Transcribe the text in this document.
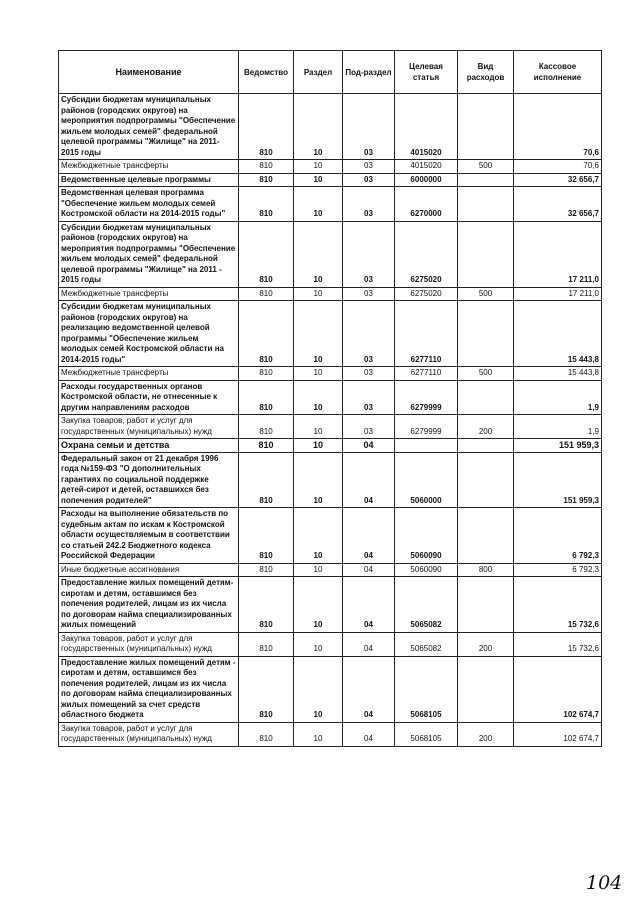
Наименование	Ведомство	Раздел	Под-раздел	Целевая статья	Вид расходов	Кассовое исполнение
Субсидии бюджетам муниципальных районов (городских округов) на мероприятия подпрограммы "Обеспечение жильем молодых семей" федеральной целевой программы "Жилище" на 2011-2015 годы	810	10	03	4015020		70,6
Межбюджетные трансферты	810	10	03	4015020	500	70,6
Ведомственные целевые программы	810	10	03	6000000		32 656,7
Ведомственная целевая программа "Обеспечение жильем молодых семей Костромской области на 2014-2015 годы"	810	10	03	6270000		32 656,7
Субсидии бюджетам муниципальных районов (городских округов) на мероприятия подпрограммы "Обеспечение жильем молодых семей" федеральной целевой программы "Жилище" на 2011 - 2015 годы	810	10	03	6275020		17 211,0
Межбюджетные трансферты	810	10	03	6275020	500	17 211,0
Субсидии бюджетам муниципальных районов (городских округов) на реализацию ведомственной целевой программы "Обеспечение жильем молодых семей Костромской области на 2014-2015 годы"	810	10	03	6277110		15 443,8
Межбюджетные трансферты	810	10	03	6277110	500	15 443,8
Расходы государственных органов Костромской области, не отнесенные к другим направлениям расходов	810	10	03	6279999		1,9
Закупка товаров, работ и услуг для государственных (муниципальных) нужд	810	10	03	6279999	200	1,9
Охрана семьи и детства	810	10	04			151 959,3
Федеральный закон от 21 декабря 1996 года №159-ФЗ "О дополнительных гарантиях по социальной поддержке детей-сирот и детей, оставшихся без попечения родителей"	810	10	04	5060000		151 959,3
Расходы на выполнение обязательств по судебным актам по искам к Костромской области осуществляемым в соответствии со статьей 242.2 Бюджетного кодекса Российской Федерации	810	10	04	5060090		6 792,3
Иные бюджетные ассигнования	810	10	04	5060090	800	6 792,3
Предоставление жилых помещений детям-сиротам и детям, оставшимся без попечения родителей, лицам из их числа по договорам найма специализированных жилых помещений	810	10	04	5065082		15 732,6
Закупка товаров, работ и услуг для государственных (муниципальных) нужд	810	10	04	5065082	200	15 732,6
Предоставление жилых помещений детям - сиротам и детям, оставшимся без попечения родителей, лицам из их числа по договорам найма специализированных жилых помещений за счет средств областного бюджета	810	10	04	5068105		102 674,7
Закупка товаров, работ и услуг для государственных (муниципальных) нужд	810	10	04	5068105	200	102 674,7
104
